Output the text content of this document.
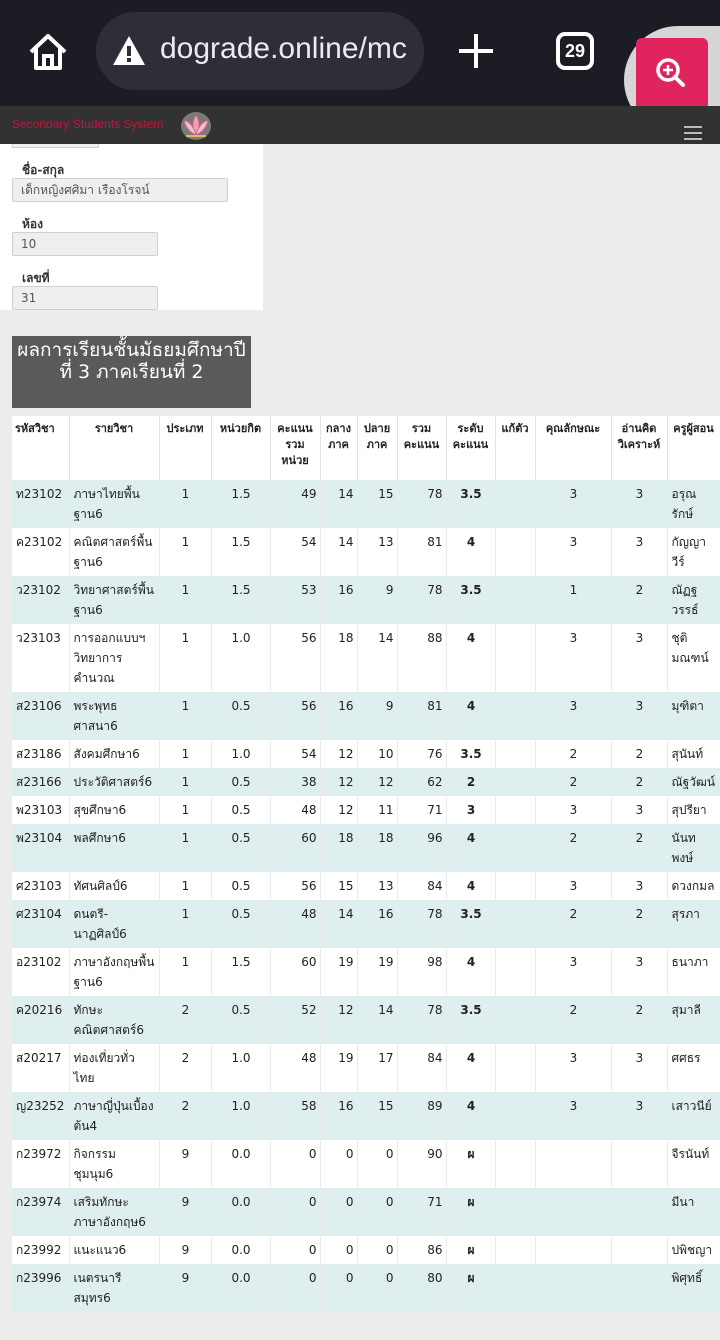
dograde.online/mc	29
Secondary Students System
ชื่อ-สกุล
เด็กหญิงศศิมา เรืองโรจน์
ห้อง
10
เลขที่
31
ผลการเรียนชั้นมัธยมศึกษาปีที่ 3 ภาคเรียนที่ 2
รหัสวิชา	รายวิชา	ประเภท	หน่วยกิต	คะแนนรวมหน่วย	กลางภาค	ปลายภาค	รวมคะแนน	ระดับคะแนน	แก้ตัว	คุณลักษณะ	อ่านคิดวิเคราะห์	ครูผู้สอน
ท23102	ภาษาไทยพื้นฐาน6	1	1.5	49	14	15	78	3.5		3	3	อรุณรักษ์
ค23102	คณิตศาสตร์พื้นฐาน6	1	1.5	54	14	13	81	4		3	3	กัญญาวีร์
ว23102	วิทยาศาสตร์พื้นฐาน6	1	1.5	53	16	9	78	3.5		1	2	ณัฏฐวรรธ์
ว23103	การออกแบบฯ วิทยาการคำนวณ	1	1.0	56	18	14	88	4		3	3	ชุติมณฑน์
ส23106	พระพุทธศาสนา6	1	0.5	56	16	9	81	4		3	3	มุฑิตา
ส23186	สังคมศึกษา6	1	1.0	54	12	10	76	3.5		2	2	สุนันท์
ส23166	ประวัติศาสตร์6	1	0.5	38	12	12	62	2		2	2	ณัฐวัฒน์
พ23103	สุขศึกษา6	1	0.5	48	12	11	71	3		3	3	สุปรียา
พ23104	พลศึกษา6	1	0.5	60	18	18	96	4		2	2	นันทพงษ์
ศ23103	ทัศนศิลป์6	1	0.5	56	15	13	84	4		3	3	ดวงกมล
ศ23104	ดนตรี-นาฏศิลป์6	1	0.5	48	14	16	78	3.5		2	2	สุรภา
อ23102	ภาษาอังกฤษพื้นฐาน6	1	1.5	60	19	19	98	4		3	3	ธนาภา
ค20216	ทักษะคณิตศาสตร์6	2	0.5	52	12	14	78	3.5		2	2	สุมาลี
ส20217	ท่องเที่ยวทั่วไทย	2	1.0	48	19	17	84	4		3	3	ศศธร
ญ23252	ภาษาญี่ปุ่นเบื้องต้น4	2	1.0	58	16	15	89	4		3	3	เสาวนีย์
ก23972	กิจกรรมชุมนุม6	9	0.0	0	0	0	90	ผ				จีรนันท์
ก23974	เสริมทักษะภาษาอังกฤษ6	9	0.0	0	0	0	71	ผ				มีนา
ก23992	แนะแนว6	9	0.0	0	0	0	86	ผ				ปพิชญา
ก23996	เนตรนารีสมุทร6	9	0.0	0	0	0	80	ผ				พิศุทธิ์
